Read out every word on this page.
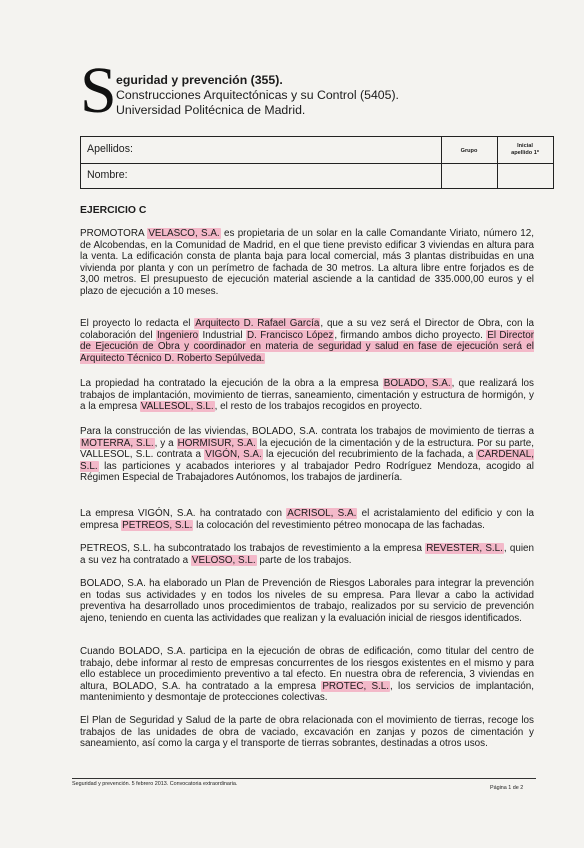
S eguridad y prevención (355).
Construcciones Arquitectónicas y su Control (5405).
Universidad Politécnica de Madrid.
Apellidos:
Nombre:
Grupo
Inicial
apellido 1º
EJERCICIO C
PROMOTORA VELASCO, S.A. es propietaria de un solar en la calle Comandante Viriato, número 12, de Alcobendas, en la Comunidad de Madrid, en el que tiene previsto edificar 3 viviendas en altura para la venta. La edificación consta de planta baja para local comercial, más 3 plantas distribuidas en una vivienda por planta y con un perímetro de fachada de 30 metros. La altura libre entre forjados es de 3,00 metros. El presupuesto de ejecución material asciende a la cantidad de 335.000,00 euros y el plazo de ejecución a 10 meses.
El proyecto lo redacta el Arquitecto D. Rafael García, que a su vez será el Director de Obra, con la colaboración del Ingeniero Industrial D. Francisco López, firmando ambos dicho proyecto. El Director de Ejecución de Obra y coordinador en materia de seguridad y salud en fase de ejecución será el Arquitecto Técnico D. Roberto Sepúlveda.
La propiedad ha contratado la ejecución de la obra a la empresa BOLADO, S.A., que realizará los trabajos de implantación, movimiento de tierras, saneamiento, cimentación y estructura de hormigón, y a la empresa VALLESOL, S.L., el resto de los trabajos recogidos en proyecto.
Para la construcción de las viviendas, BOLADO, S.A. contrata los trabajos de movimiento de tierras a MOTERRA, S.L., y a HORMISUR, S.A. la ejecución de la cimentación y de la estructura. Por su parte, VALLESOL, S.L. contrata a VIGÓN, S.A. la ejecución del recubrimiento de la fachada, a CARDENAL, S.L. las particiones y acabados interiores y al trabajador Pedro Rodríguez Mendoza, acogido al Régimen Especial de Trabajadores Autónomos, los trabajos de jardinería.
La empresa VIGÓN, S.A. ha contratado con ACRISOL, S.A. el acristalamiento del edificio y con la empresa PETREOS, S.L. la colocación del revestimiento pétreo monocapa de las fachadas.
PETREOS, S.L. ha subcontratado los trabajos de revestimiento a la empresa REVESTER, S.L., quien a su vez ha contratado a VELOSO, S.L. parte de los trabajos.
BOLADO, S.A. ha elaborado un Plan de Prevención de Riesgos Laborales para integrar la prevención en todas sus actividades y en todos los niveles de su empresa. Para llevar a cabo la actividad preventiva ha desarrollado unos procedimientos de trabajo, realizados por su servicio de prevención ajeno, teniendo en cuenta las actividades que realizan y la evaluación inicial de riesgos identificados.
Cuando BOLADO, S.A. participa en la ejecución de obras de edificación, como titular del centro de trabajo, debe informar al resto de empresas concurrentes de los riesgos existentes en el mismo y para ello establece un procedimiento preventivo a tal efecto. En nuestra obra de referencia, 3 viviendas en altura, BOLADO, S.A. ha contratado a la empresa PROTEC, S.L., los servicios de implantación, mantenimiento y desmontaje de protecciones colectivas.
El Plan de Seguridad y Salud de la parte de obra relacionada con el movimiento de tierras, recoge los trabajos de las unidades de obra de vaciado, excavación en zanjas y pozos de cimentación y saneamiento, así como la carga y el transporte de tierras sobrantes, destinadas a otros usos.
Seguridad y prevención. 5 febrero 2013. Convocatoria extraordinaria.
Página 1 de 2
